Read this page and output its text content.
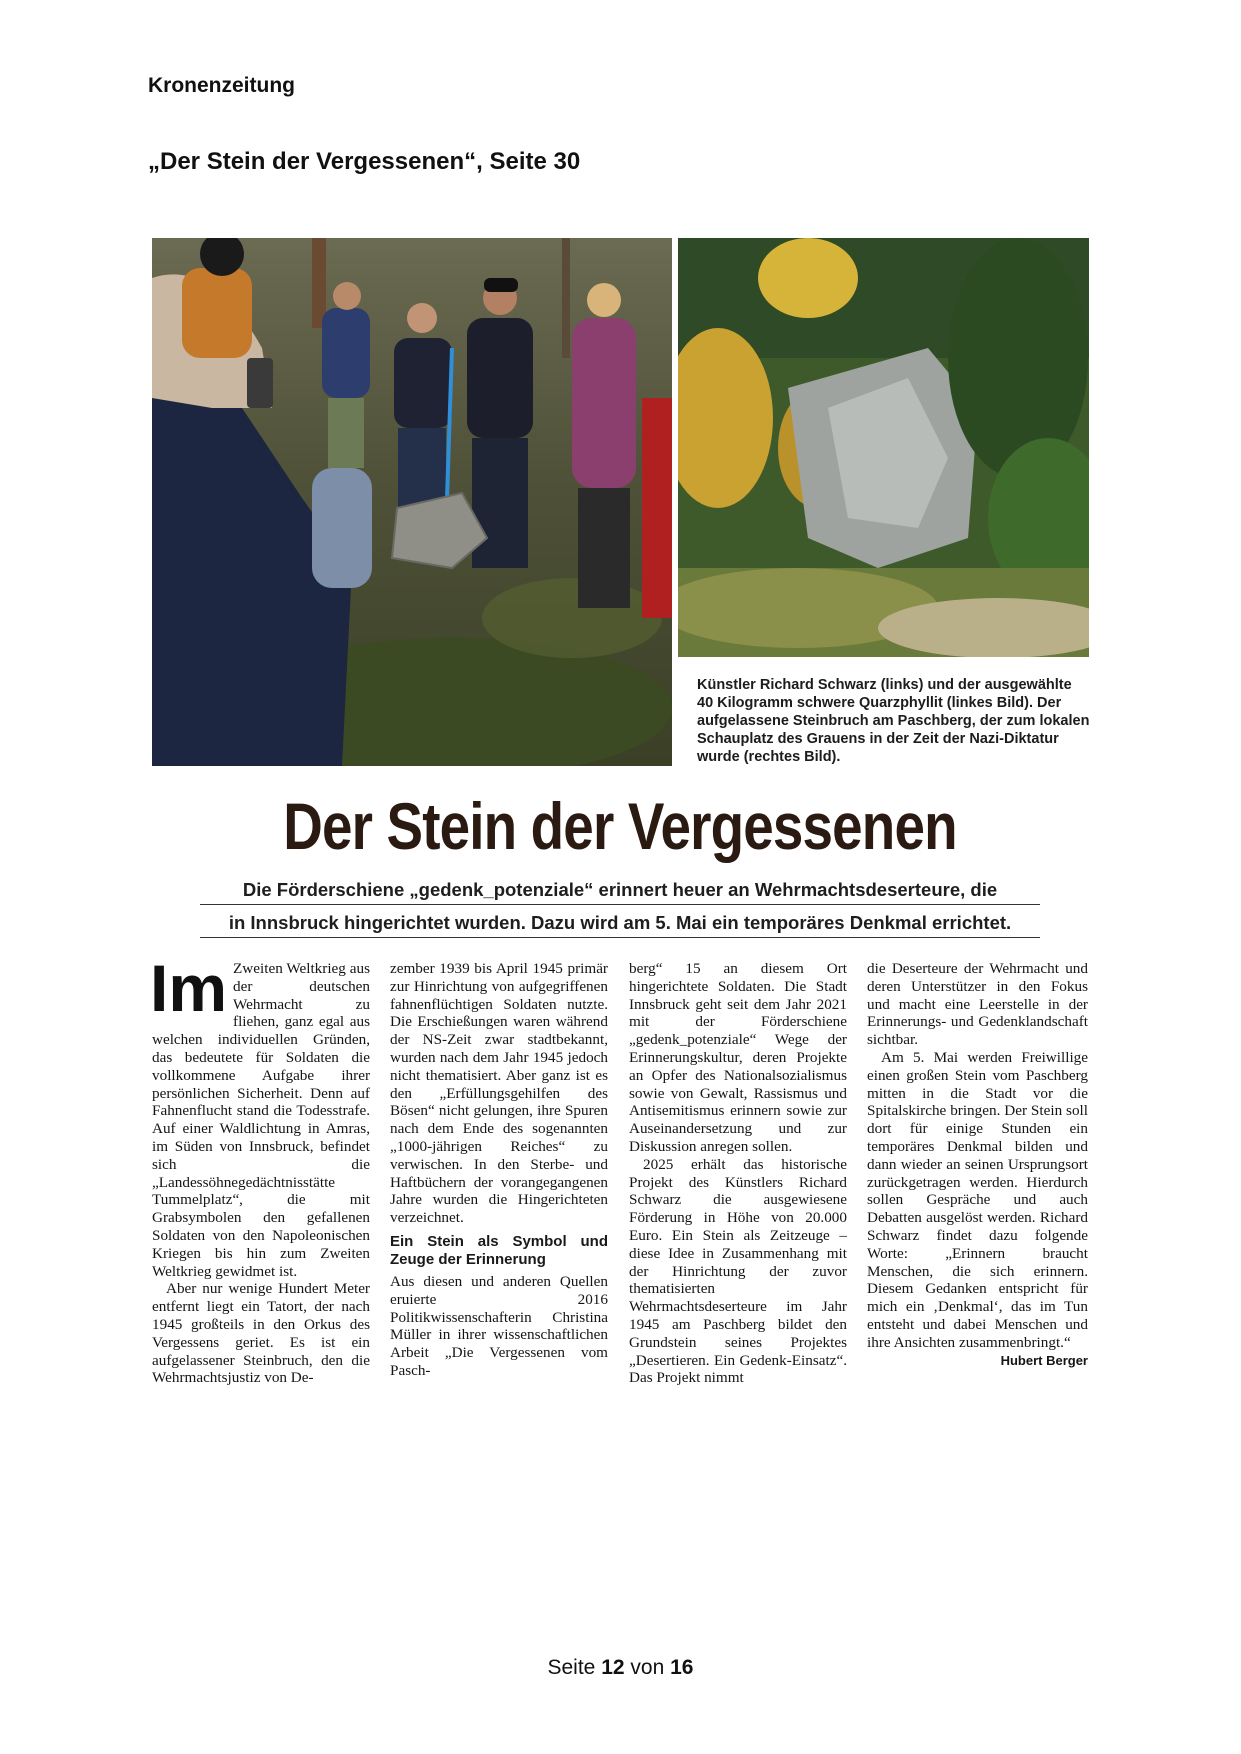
Kronenzeitung
„Der Stein der Vergessenen“, Seite 30

Künstler Richard Schwarz (links) und der ausgewählte 40 Kilogramm schwere Quarzphyllit (linkes Bild). Der aufgelassene Steinbruch am Paschberg, der zum lokalen Schauplatz des Grauens in der Zeit der Nazi-Diktatur wurde (rechtes Bild).

Der Stein der Vergessenen
Die Förderschiene „gedenk_potenziale“ erinnert heuer an Wehrmachtsdeserteure, die
in Innsbruck hingerichtet wurden. Dazu wird am 5. Mai ein temporäres Denkmal errichtet.

Im Zweiten Weltkrieg aus der deutschen Wehrmacht zu fliehen, ganz egal aus welchen individuellen Gründen, das bedeutete für Soldaten die vollkommene Aufgabe ihrer persönlichen Sicherheit. Denn auf Fahnenflucht stand die Todesstrafe. Auf einer Waldlichtung in Amras, im Süden von Innsbruck, befindet sich die „Landessöhnegedächtnisstätte Tummelplatz“, die mit Grabsymbolen den gefallenen Soldaten von den Napoleonischen Kriegen bis hin zum Zweiten Weltkrieg gewidmet ist.

Aber nur wenige Hundert Meter entfernt liegt ein Tatort, der nach 1945 großteils in den Orkus des Vergessens geriet. Es ist ein aufgelassener Steinbruch, den die Wehrmachtsjustiz von De-

zember 1939 bis April 1945 primär zur Hinrichtung von aufgegriffenen fahnenflüchtigen Soldaten nutzte. Die Erschießungen waren während der NS-Zeit zwar stadtbekannt, wurden nach dem Jahr 1945 jedoch nicht thematisiert. Aber ganz ist es den „Erfüllungsgehilfen des Bösen“ nicht gelungen, ihre Spuren nach dem Ende des sogenannten „1000-jährigen Reiches“ zu verwischen. In den Sterbe- und Haftbüchern der vorangegangenen Jahre wurden die Hingerichteten verzeichnet.

Ein Stein als Symbol und Zeuge der Erinnerung

Aus diesen und anderen Quellen eruierte 2016 Politikwissenschafterin Christina Müller in ihrer wissenschaftlichen Arbeit „Die Vergessenen vom Pasch-

berg“ 15 an diesem Ort hingerichtete Soldaten. Die Stadt Innsbruck geht seit dem Jahr 2021 mit der Förderschiene „gedenk_potenziale“ Wege der Erinnerungskultur, deren Projekte an Opfer des Nationalsozialismus sowie von Gewalt, Rassismus und Antisemitismus erinnern sowie zur Auseinandersetzung und zur Diskussion anregen sollen.

2025 erhält das historische Projekt des Künstlers Richard Schwarz die ausgewiesene Förderung in Höhe von 20.000 Euro. Ein Stein als Zeitzeuge – diese Idee in Zusammenhang mit der Hinrichtung der zuvor thematisierten Wehrmachtsdeserteure im Jahr 1945 am Paschberg bildet den Grundstein seines Projektes „Desertieren. Ein Gedenk-Einsatz“. Das Projekt nimmt

die Deserteure der Wehrmacht und deren Unterstützer in den Fokus und macht eine Leerstelle in der Erinnerungs- und Gedenklandschaft sichtbar.

Am 5. Mai werden Freiwillige einen großen Stein vom Paschberg mitten in die Stadt vor die Spitalskirche bringen. Der Stein soll dort für einige Stunden ein temporäres Denkmal bilden und dann wieder an seinen Ursprungsort zurückgetragen werden. Hierdurch sollen Gespräche und auch Debatten ausgelöst werden. Richard Schwarz findet dazu folgende Worte: „Erinnern braucht Menschen, die sich erinnern. Diesem Gedanken entspricht für mich ein ‚Denkmal‘, das im Tun entsteht und dabei Menschen und ihre Ansichten zusammenbringt.“
Hubert Berger

Seite 12 von 16
